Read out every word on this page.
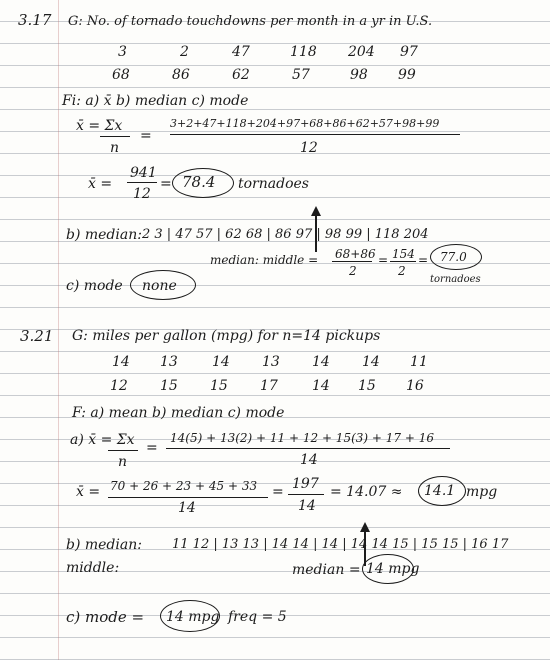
3.17 G: No. of tornado touchdowns per month in a yr in U.S.
3	2	47	118 204 97
68	86	62	57	98 99
Fi: a) x̄ b) median c) mode
x̄ = Σx
n
=
3+2+47+118+204+97+68+86+62+57+98+99
12
x̄ =
941
12
= 78.4 tornadoes
b) median: 2 3 | 47 57 | 62 68 | 86 97 | 98 99 | 118 204
median: middle = 68+86
2
= 154
2
= 77.0
tornadoes
c) mode none
3.21 G: miles per gallon (mpg) for n=14 pickups
14 13 14 13 14 14 11
12 15 15 17 14 15 16
F: a) mean b) median c) mode
a) x̄ = Σx
n
=
14(5) + 13(2) + 11 + 12 + 15(3) + 17 + 16
14
x̄ = 70 + 26 + 23 + 45 + 33
14
= 197
14
= 14.07 ≈ 14.1 mpg
b) median:
middle:
11 12 | 13 13 | 14 14 | 14 | 14 14 15 | 15 15 | 16 17
median = 14 mpg
c) mode = 14 mpg freq = 5
